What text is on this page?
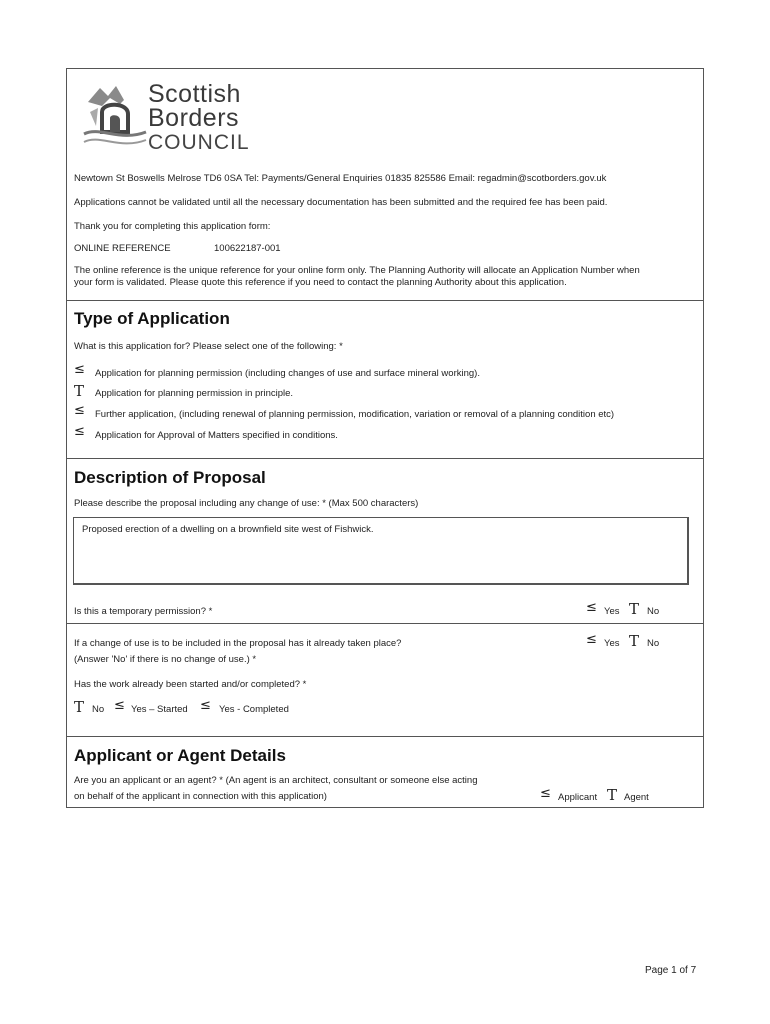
Scottish
Borders
COUNCIL
Newtown St Boswells Melrose TD6 0SA Tel: Payments/General Enquiries 01835 825586 Email: regadmin@scotborders.gov.uk
Applications cannot be validated until all the necessary documentation has been submitted and the required fee has been paid.
Thank you for completing this application form:
ONLINE REFERENCE	100622187-001
The online reference is the unique reference for your online form only. The Planning Authority will allocate an Application Number when
your form is validated. Please quote this reference if you need to contact the planning Authority about this application.
Type of Application
What is this application for? Please select one of the following: *
≤ Application for planning permission (including changes of use and surface mineral working).
T Application for planning permission in principle.
≤ Further application, (including renewal of planning permission, modification, variation or removal of a planning condition etc)
≤ Application for Approval of Matters specified in conditions.
Description of Proposal
Please describe the proposal including any change of use: * (Max 500 characters)
Proposed erection of a dwelling on a brownfield site west of Fishwick.
Is this a temporary permission? *	≤ Yes T No
If a change of use is to be included in the proposal has it already taken place?
(Answer 'No' if there is no change of use.) *
≤ Yes T No
Has the work already been started and/or completed? *
T No ≤ Yes – Started ≤ Yes - Completed
Applicant or Agent Details
Are you an applicant or an agent? * (An agent is an architect, consultant or someone else acting
on behalf of the applicant in connection with this application)	≤ Applicant T Agent
Page 1 of 7
